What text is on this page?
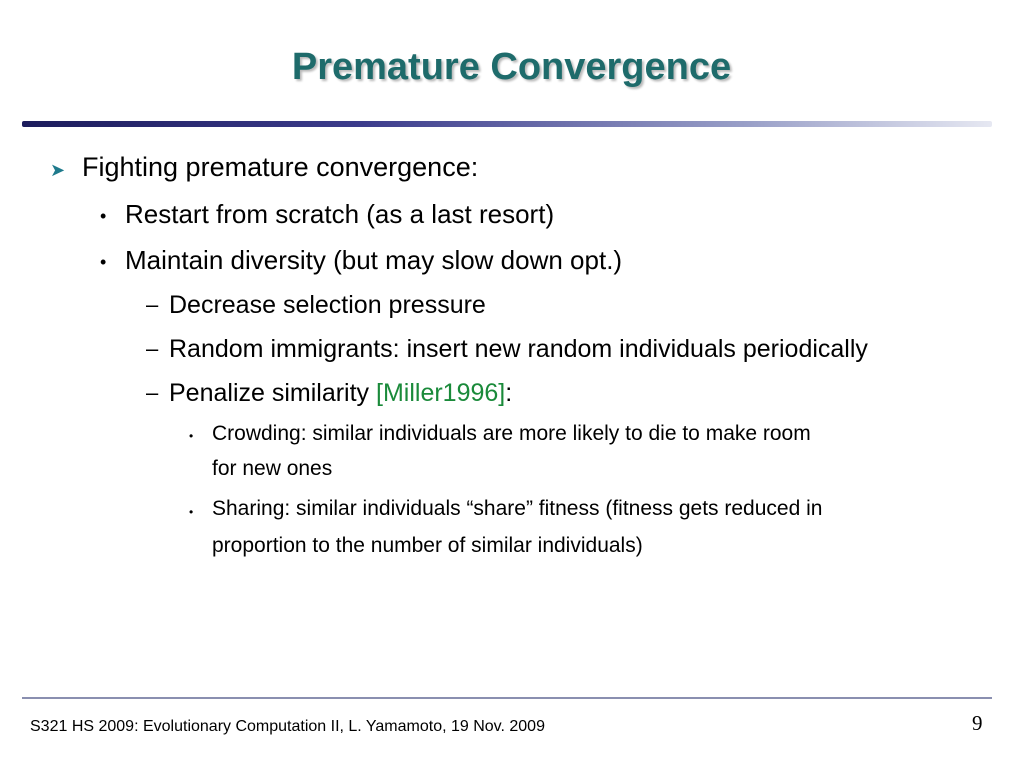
Premature Convergence
➤ Fighting premature convergence:
• Restart from scratch (as a last resort)
• Maintain diversity (but may slow down opt.)
– Decrease selection pressure
– Random immigrants: insert new random individuals periodically
– Penalize similarity [Miller1996]:
• Crowding: similar individuals are more likely to die to make room
for new ones
• Sharing: similar individuals “share” fitness (fitness gets reduced in
proportion to the number of similar individuals)
S321 HS 2009: Evolutionary Computation II, L. Yamamoto, 19 Nov. 2009	9
